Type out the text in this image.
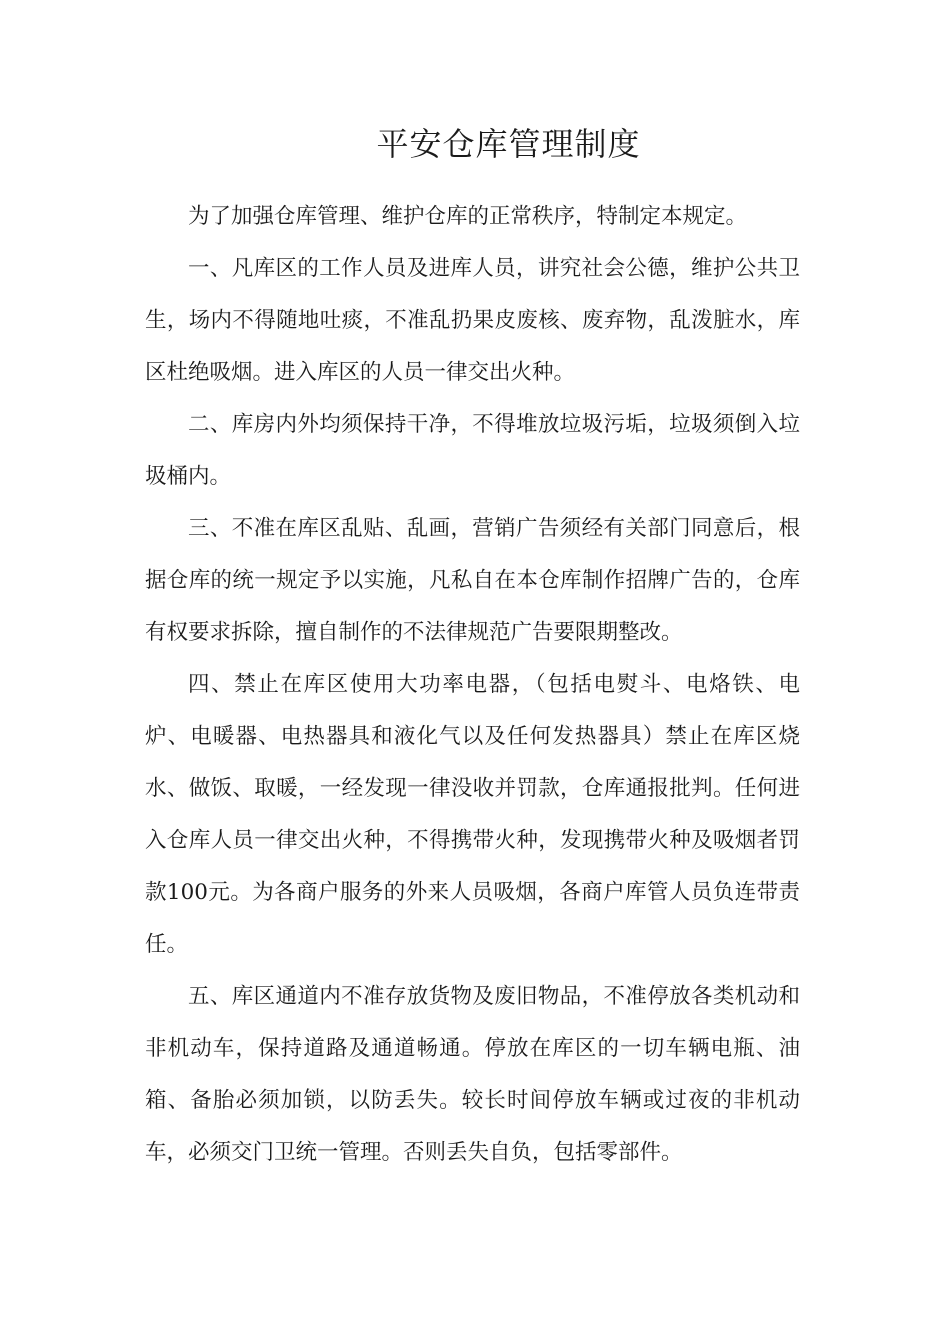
平安仓库管理制度

为了加强仓库管理、维护仓库的正常秩序，特制定本规定。

一、凡库区的工作人员及进库人员，讲究社会公德，维护公共卫生，场内不得随地吐痰，不准乱扔果皮废核、废弃物，乱泼脏水，库区杜绝吸烟。进入库区的人员一律交出火种。

二、库房内外均须保持干净，不得堆放垃圾污垢，垃圾须倒入垃圾桶内。

三、不准在库区乱贴、乱画，营销广告须经有关部门同意后，根据仓库的统一规定予以实施，凡私自在本仓库制作招牌广告的，仓库有权要求拆除，擅自制作的不法律规范广告要限期整改。

四、禁止在库区使用大功率电器，（包括电熨斗、电烙铁、电炉、电暖器、电热器具和液化气以及任何发热器具）禁止在库区烧水、做饭、取暖，一经发现一律没收并罚款，仓库通报批判。任何进入仓库人员一律交出火种，不得携带火种，发现携带火种及吸烟者罚款100元。为各商户服务的外来人员吸烟，各商户库管人员负连带责任。

五、库区通道内不准存放货物及废旧物品，不准停放各类机动和非机动车，保持道路及通道畅通。停放在库区的一切车辆电瓶、油箱、备胎必须加锁，以防丢失。较长时间停放车辆或过夜的非机动车，必须交门卫统一管理。否则丢失自负，包括零部件。
